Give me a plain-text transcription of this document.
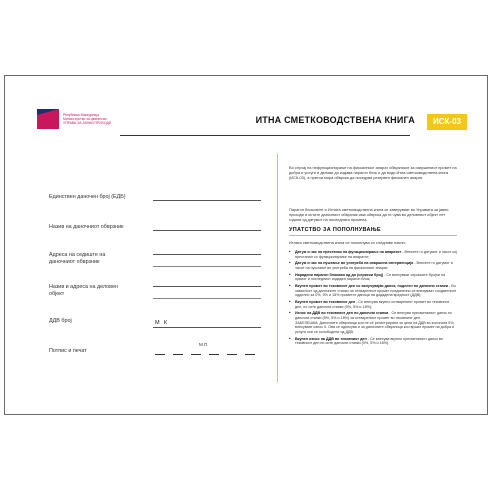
Република Македонија
Министерство за финансии
УПРАВА ЗА ЈАВНИ ПРИХОДИ	ИТНА СМЕТКОВОДСТВЕНА КНИГА	ИСК-03
Единствен даночен број (ЕДБ)
Назив на даночниот обврзник
Адреса на седиште на даночниот обврзник
Назив и адреса на деловен објект
ДДВ број	М К
Потпис и печат
М.П.
Во случај на нефункционирање на фискалниот апарат обврзникот за извршениот промет на добра и услуги и делови до издава парагон блок и да води Итна сметководствена книга (ИСК-03), а притоа мора обврска да поседува резервен фискален апарат.
Парагон блоковите и Итната сметководствена книга се заверуваат во Управата за јавни приходи и истите даночниот обврзник има обврска да ги чува во деловниот објект пет години од датумот на последната промена.
УПАТСТВО ЗА ПОПОЛНУВАЊЕ
Итната сметководствена книга се пополнува со следниве начин:
• Датум и час на престанок на функционирање на апаратот - Внесете го датумот и часот кој престанал со функционирање на апаратот;
• Датум и час на пуштање во употреба на извршена интервенција - Внесете го датумот и часот на пуштање во употреба на фискалниот апарат;
• Нарадени парагон блокови од до (сериски број) - Се внесуваат сериските бројни на првиот и последниот издаден парагон блок;
• Вкупен промет во тековниот ден со вклучувајќи данок, поделен по даночни стапки - Во зависност од даночните стапки на остварениот промет поединечно се внесуваат соодветните одделно за 0%, 5% и 18% прометот даноци на додадена вредност (ДДВ);
• Вкупен промет во тековниот ден - Се внесува вкупно остварениот промет во тековниот ден, по сите даночни стапки (0%, 5% и 18%);
• Износ на ДДВ во тековниот ден по даночни стапки - Се внесува пресметаниот данок по даночни стапки (5%, 5% и 18%) за остварениот промет во тековниот ден.
ЗАБЕЛЕШКА: Даночните обврзници кои не се регистрирани за цели на ДДВ во колоната 5% внесуваат износ 0. Ова се однесува и за даночните обврзници кои вршат промет на добра и услуги кои се ослободени од ДДВ.
• Вкупен износ на ДДВ во тековниот ден - Се внесува вкупно пресметаниот данок во тековниот ден по сите даночни стапки (0%, 5% и 18%).
